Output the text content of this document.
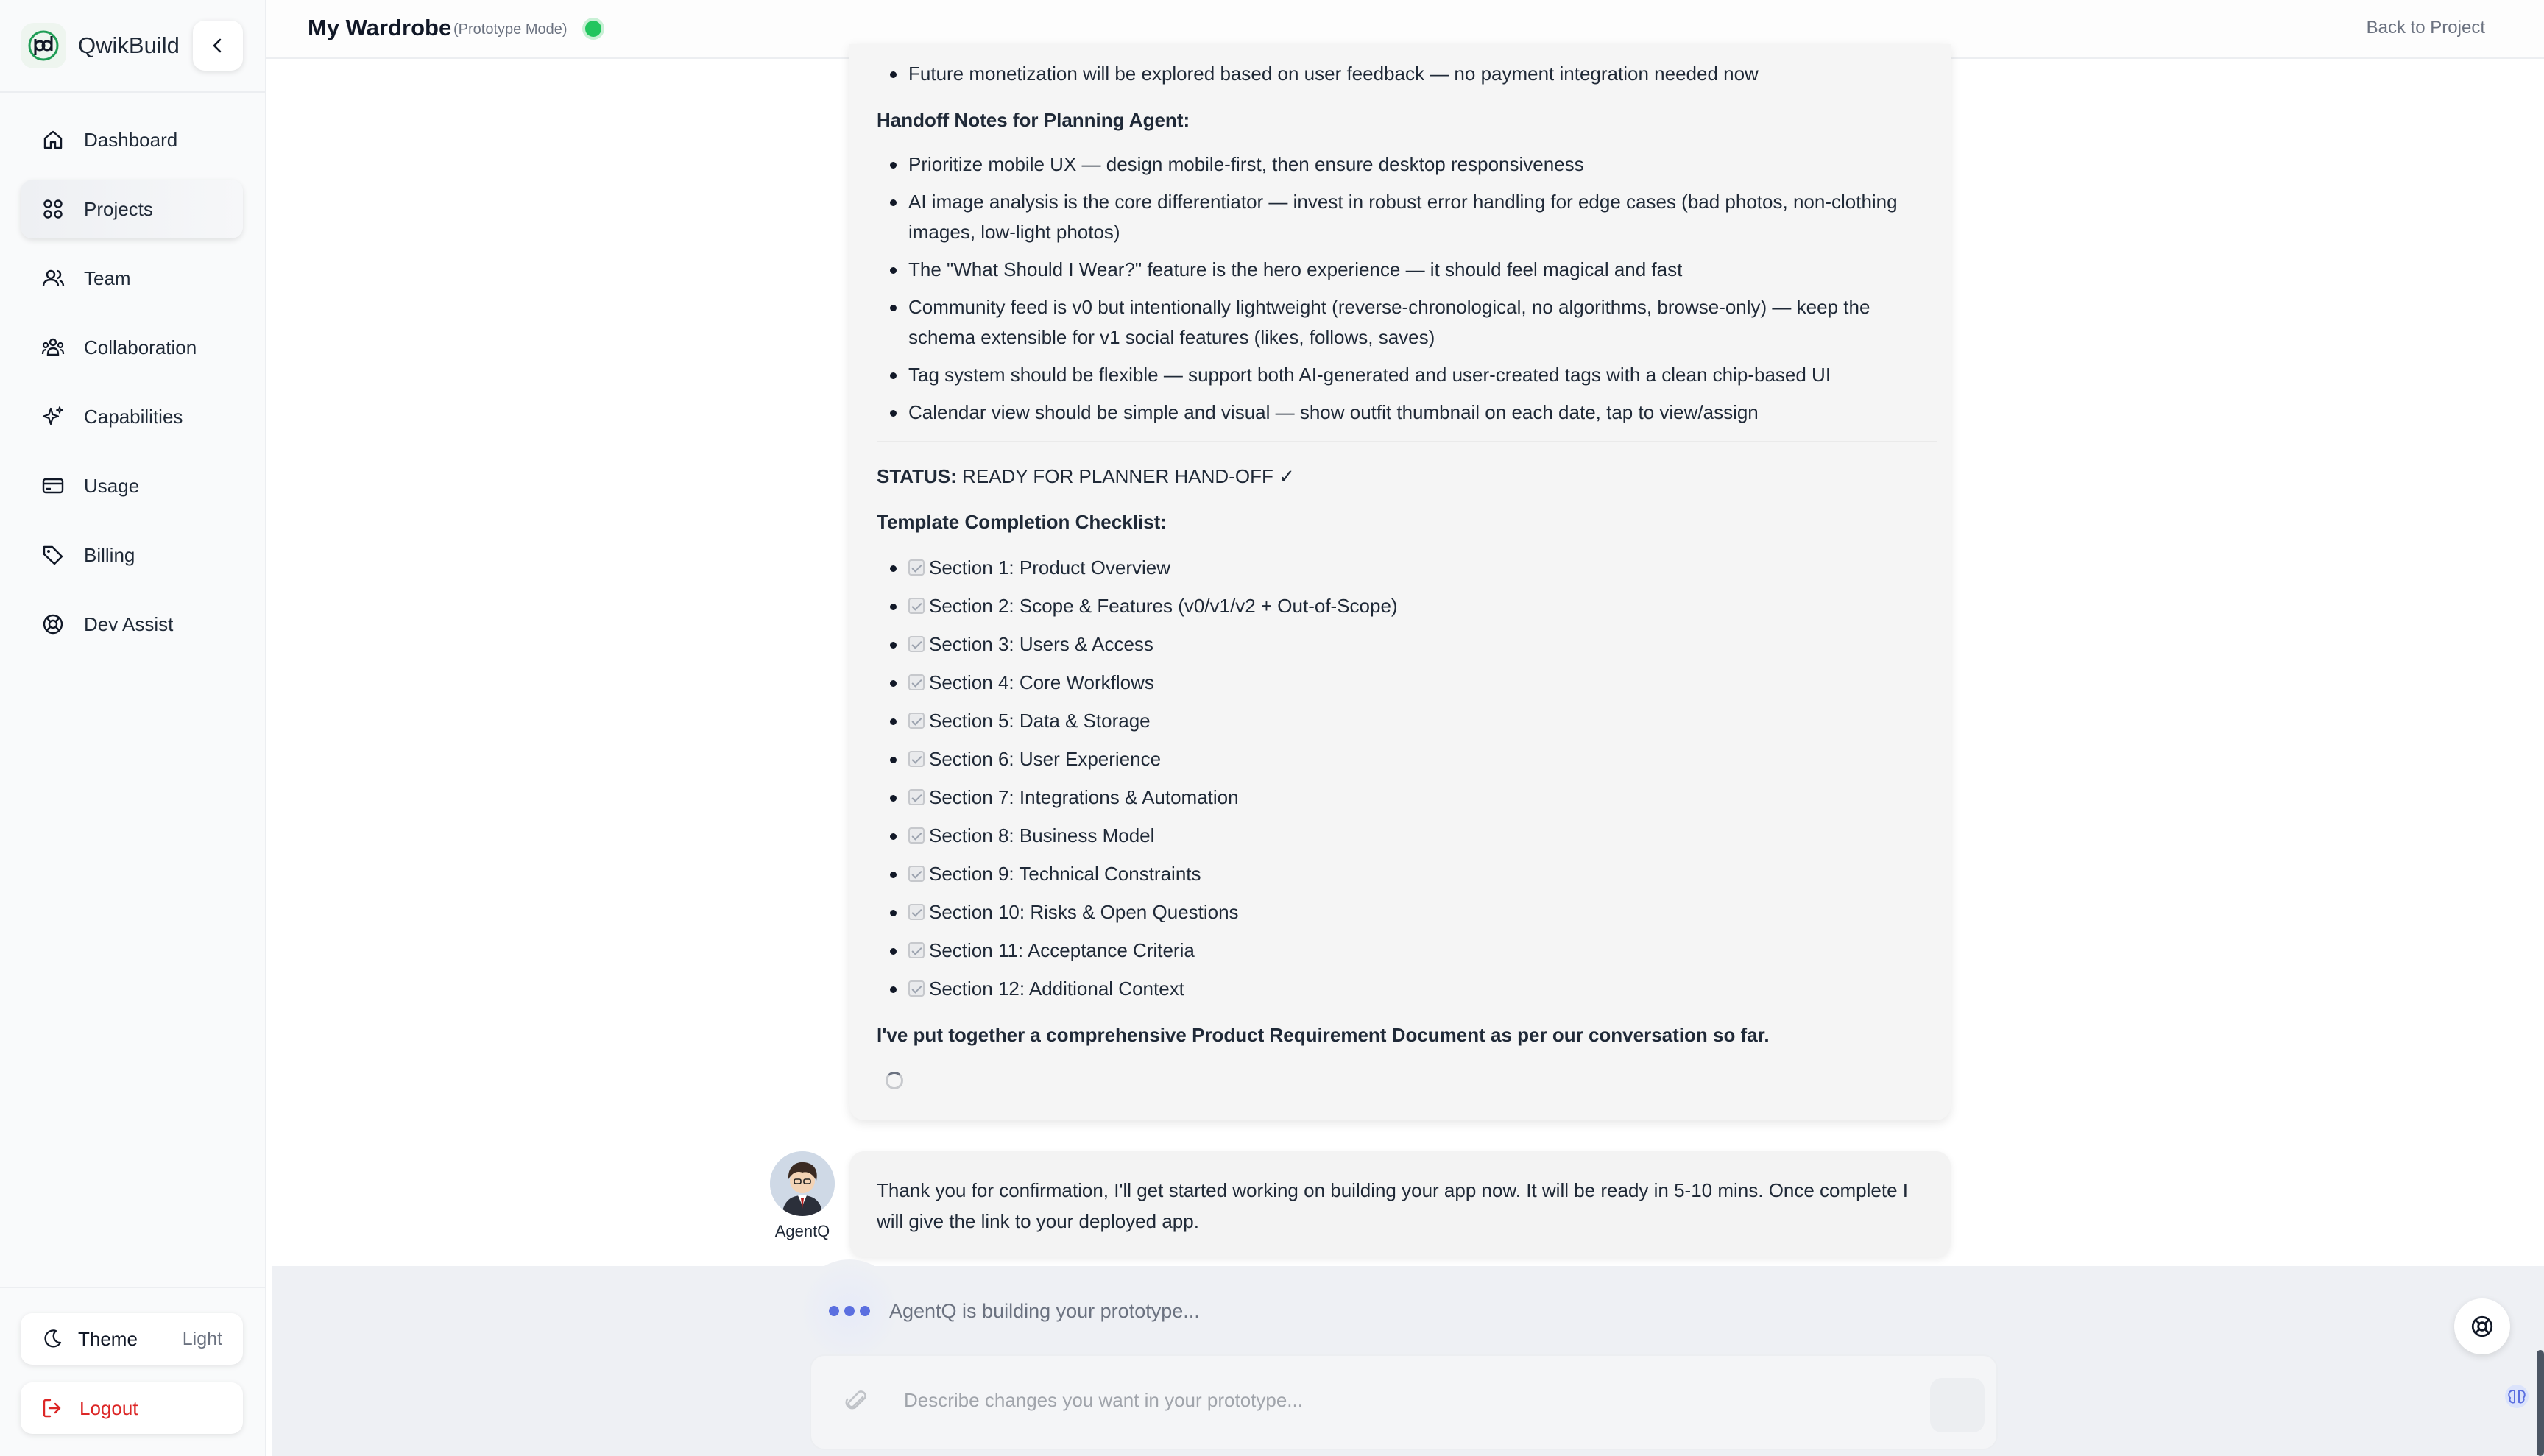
QwikBuild
Dashboard
Projects
Team
Collaboration
Capabilities
Usage
Billing
Dev Assist
Theme Light
Logout
My Wardrobe (Prototype Mode)	Back to Project
Future monetization will be explored based on user feedback — no payment integration needed now
Handoff Notes for Planning Agent:
Prioritize mobile UX — design mobile-first, then ensure desktop responsiveness
AI image analysis is the core differentiator — invest in robust error handling for edge cases (bad photos, non-clothing images, low-light photos)
The "What Should I Wear?" feature is the hero experience — it should feel magical and fast
Community feed is v0 but intentionally lightweight (reverse-chronological, no algorithms, browse-only) — keep the schema extensible for v1 social features (likes, follows, saves)
Tag system should be flexible — support both AI-generated and user-created tags with a clean chip-based UI
Calendar view should be simple and visual — show outfit thumbnail on each date, tap to view/assign
STATUS: READY FOR PLANNER HAND-OFF ✓
Template Completion Checklist:
Section 1: Product Overview
Section 2: Scope & Features (v0/v1/v2 + Out-of-Scope)
Section 3: Users & Access
Section 4: Core Workflows
Section 5: Data & Storage
Section 6: User Experience
Section 7: Integrations & Automation
Section 8: Business Model
Section 9: Technical Constraints
Section 10: Risks & Open Questions
Section 11: Acceptance Criteria
Section 12: Additional Context
I've put together a comprehensive Product Requirement Document as per our conversation so far.
AgentQ
Thank you for confirmation, I'll get started working on building your app now. It will be ready in 5-10 mins. Once complete I will give the link to your deployed app.
AgentQ is building your prototype...
Describe changes you want in your prototype...
